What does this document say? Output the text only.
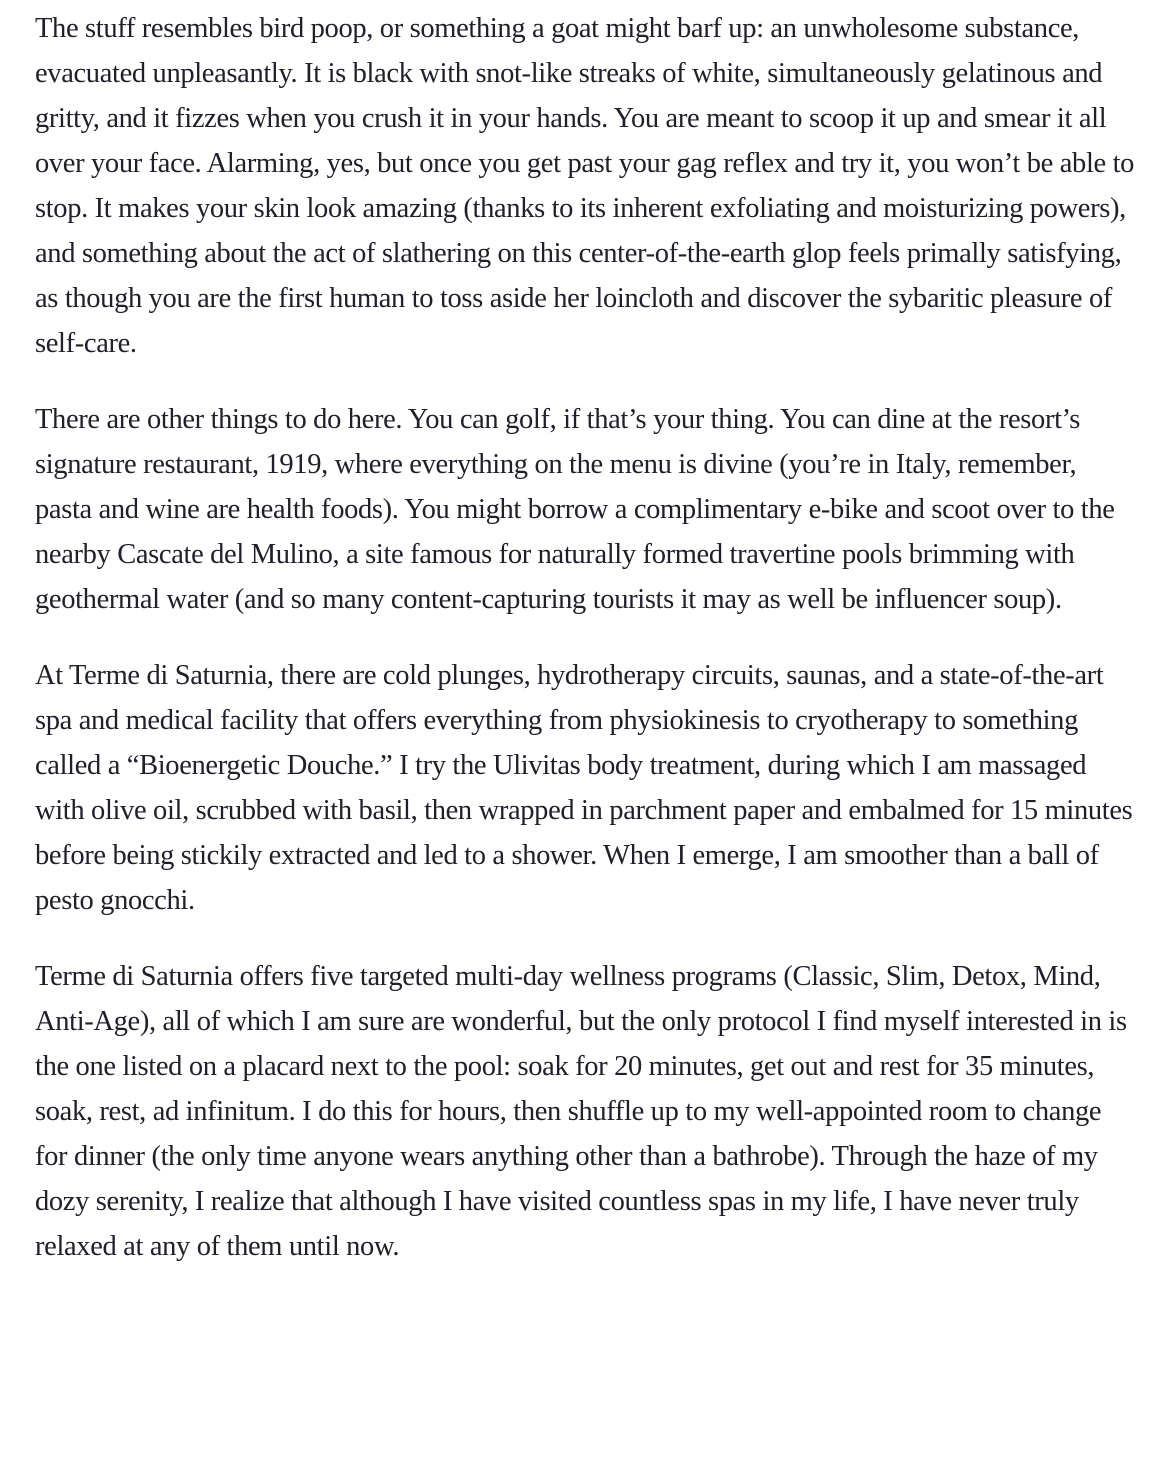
The stuff resembles bird poop, or something a goat might barf up: an unwholesome substance, evacuated unpleasantly. It is black with snot-like streaks of white, simultaneously gelatinous and gritty, and it fizzes when you crush it in your hands. You are meant to scoop it up and smear it all over your face. Alarming, yes, but once you get past your gag reflex and try it, you won’t be able to stop. It makes your skin look amazing (thanks to its inherent exfoliating and moisturizing powers), and something about the act of slathering on this center-of-the-earth glop feels primally satisfying, as though you are the first human to toss aside her loincloth and discover the sybaritic pleasure of self-care.

There are other things to do here. You can golf, if that’s your thing. You can dine at the resort’s signature restaurant, 1919, where everything on the menu is divine (you’re in Italy, remember, pasta and wine are health foods). You might borrow a complimentary e-bike and scoot over to the nearby Cascate del Mulino, a site famous for naturally formed travertine pools brimming with geothermal water (and so many content-capturing tourists it may as well be influencer soup).

At Terme di Saturnia, there are cold plunges, hydrotherapy circuits, saunas, and a state-of-the-art spa and medical facility that offers everything from physiokinesis to cryotherapy to something called a “Bioenergetic Douche.” I try the Ulivitas body treatment, during which I am massaged with olive oil, scrubbed with basil, then wrapped in parchment paper and embalmed for 15 minutes before being stickily extracted and led to a shower. When I emerge, I am smoother than a ball of pesto gnocchi.

Terme di Saturnia offers five targeted multi-day wellness programs (Classic, Slim, Detox, Mind, Anti-Age), all of which I am sure are wonderful, but the only protocol I find myself interested in is the one listed on a placard next to the pool: soak for 20 minutes, get out and rest for 35 minutes, soak, rest, ad infinitum. I do this for hours, then shuffle up to my well-appointed room to change for dinner (the only time anyone wears anything other than a bathrobe). Through the haze of my dozy serenity, I realize that although I have visited countless spas in my life, I have never truly relaxed at any of them until now.
